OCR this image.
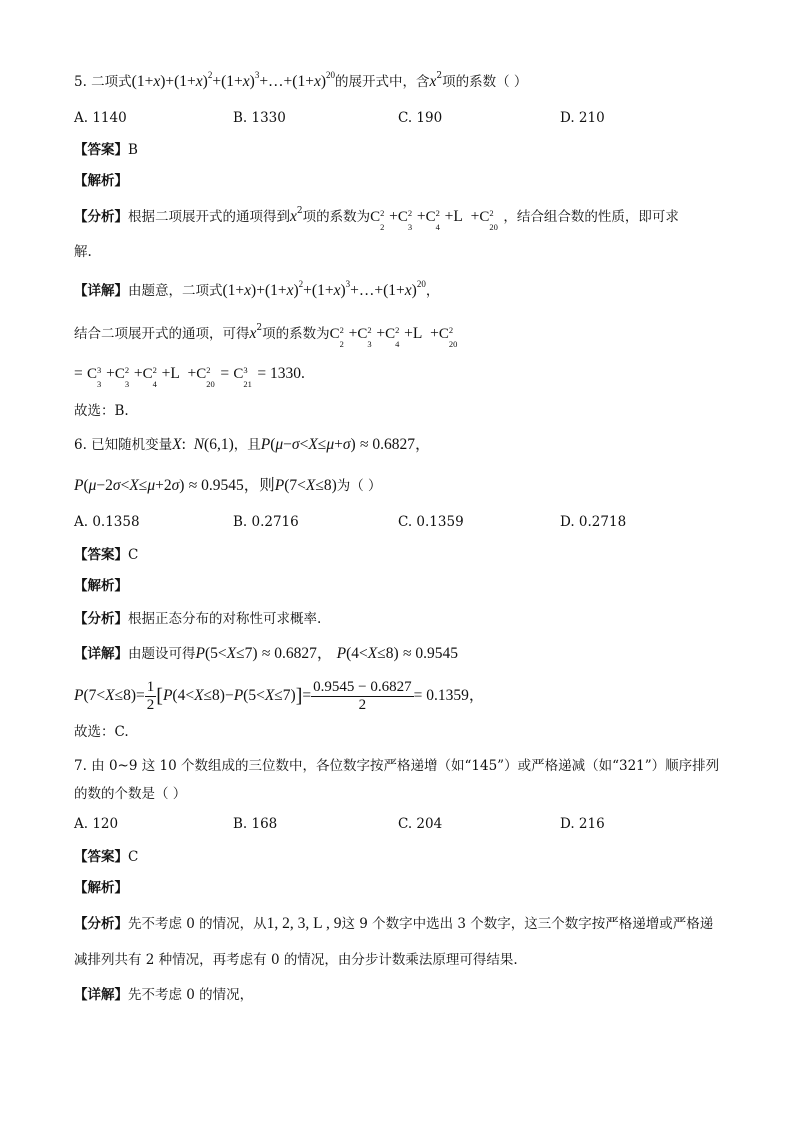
5. 二项式$(1+x)+(1+x)^2+(1+x)^3+\dots+(1+x)^{20}$的展开式中，含$x^2$项的系数（ ）
A. 1140	B. 1330	C. 190	D. 210
【答案】B
【解析】
【分析】根据二项展开式的通项得到$x^2$项的系数为C 2
2
+C 2
3
+C 2
4
+L  +C 2
20
，结合组合数的性质，即可求
解.
【详解】由题意，二项式$(1+x)+(1+x)^2+(1+x)^3+\dots+(1+x)^{20}$，
结合二项展开式的通项，可得$x^2$项的系数为C 2
2
+C 2
3
+C 2
4
+L  +C 2
20
= C 3
3
+C 2
3
+C 2
4
+L  +C 2
20
= C 3
21
= 1330.
故选：B.
6. 已知随机变量X:  N(6,1)，且P(μ−σ<X≤μ+σ) ≈ 0.6827，
P(μ−2σ<X≤μ+2σ) ≈ 0.9545，则P(7<X≤8)为（ ）
A. 0.1358	B. 0.2716	C. 0.1359	D. 0.2718
【答案】C
【解析】
【分析】根据正态分布的对称性可求概率.
【详解】由题设可得P(5<X≤7) ≈ 0.6827， P(4<X≤8) ≈ 0.9545
$P(7<X\le 8)= \frac{1}{2} [P(4<X\le 8)-P(5<X\le 7)]= \frac{0.9545 - 0.6827}{2} = 0.1359$，
故选：C.
7. 由 0~9 这 10 个数组成的三位数中，各位数字按严格递增（如“145”）或严格递减（如“321”）顺序排列
的数的个数是（ ）
A. 120	B. 168	C. 204	D. 216
【答案】C
【解析】
【分析】先不考虑 0 的情况，从1, 2, 3, L , 9这 9 个数字中选出 3 个数字，这三个数字按严格递增或严格递
减排列共有 2 种情况，再考虑有 0 的情况，由分步计数乘法原理可得结果.
【详解】先不考虑 0 的情况，
